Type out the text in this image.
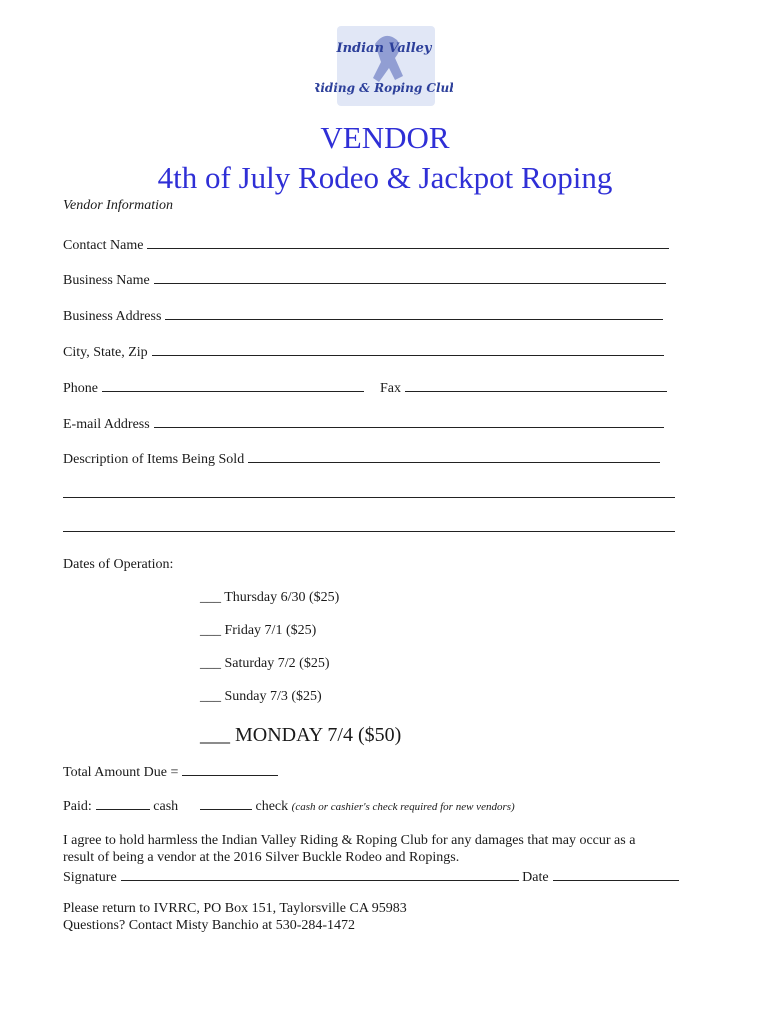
Indian Valley
Riding & Roping Club
VENDOR
4th of July Rodeo & Jackpot Roping
Vendor Information
Contact Name
Business Name
Business Address
City, State, Zip
Phone	Fax
E-mail Address
Description of Items Being Sold
Dates of Operation:
___ Thursday 6/30 ($25)
___ Friday 7/1 ($25)
___ Saturday 7/2 ($25)
___ Sunday 7/3 ($25)
___ MONDAY 7/4 ($50)
Total Amount Due =
Paid:	cash	check (cash or cashier's check required for new vendors)
I agree to hold harmless the Indian Valley Riding & Roping Club for any damages that may occur as a
result of being a vendor at the 2016 Silver Buckle Rodeo and Ropings.
Signature	Date
Please return to IVRRC, PO Box 151, Taylorsville CA 95983
Questions? Contact Misty Banchio at 530-284-1472
